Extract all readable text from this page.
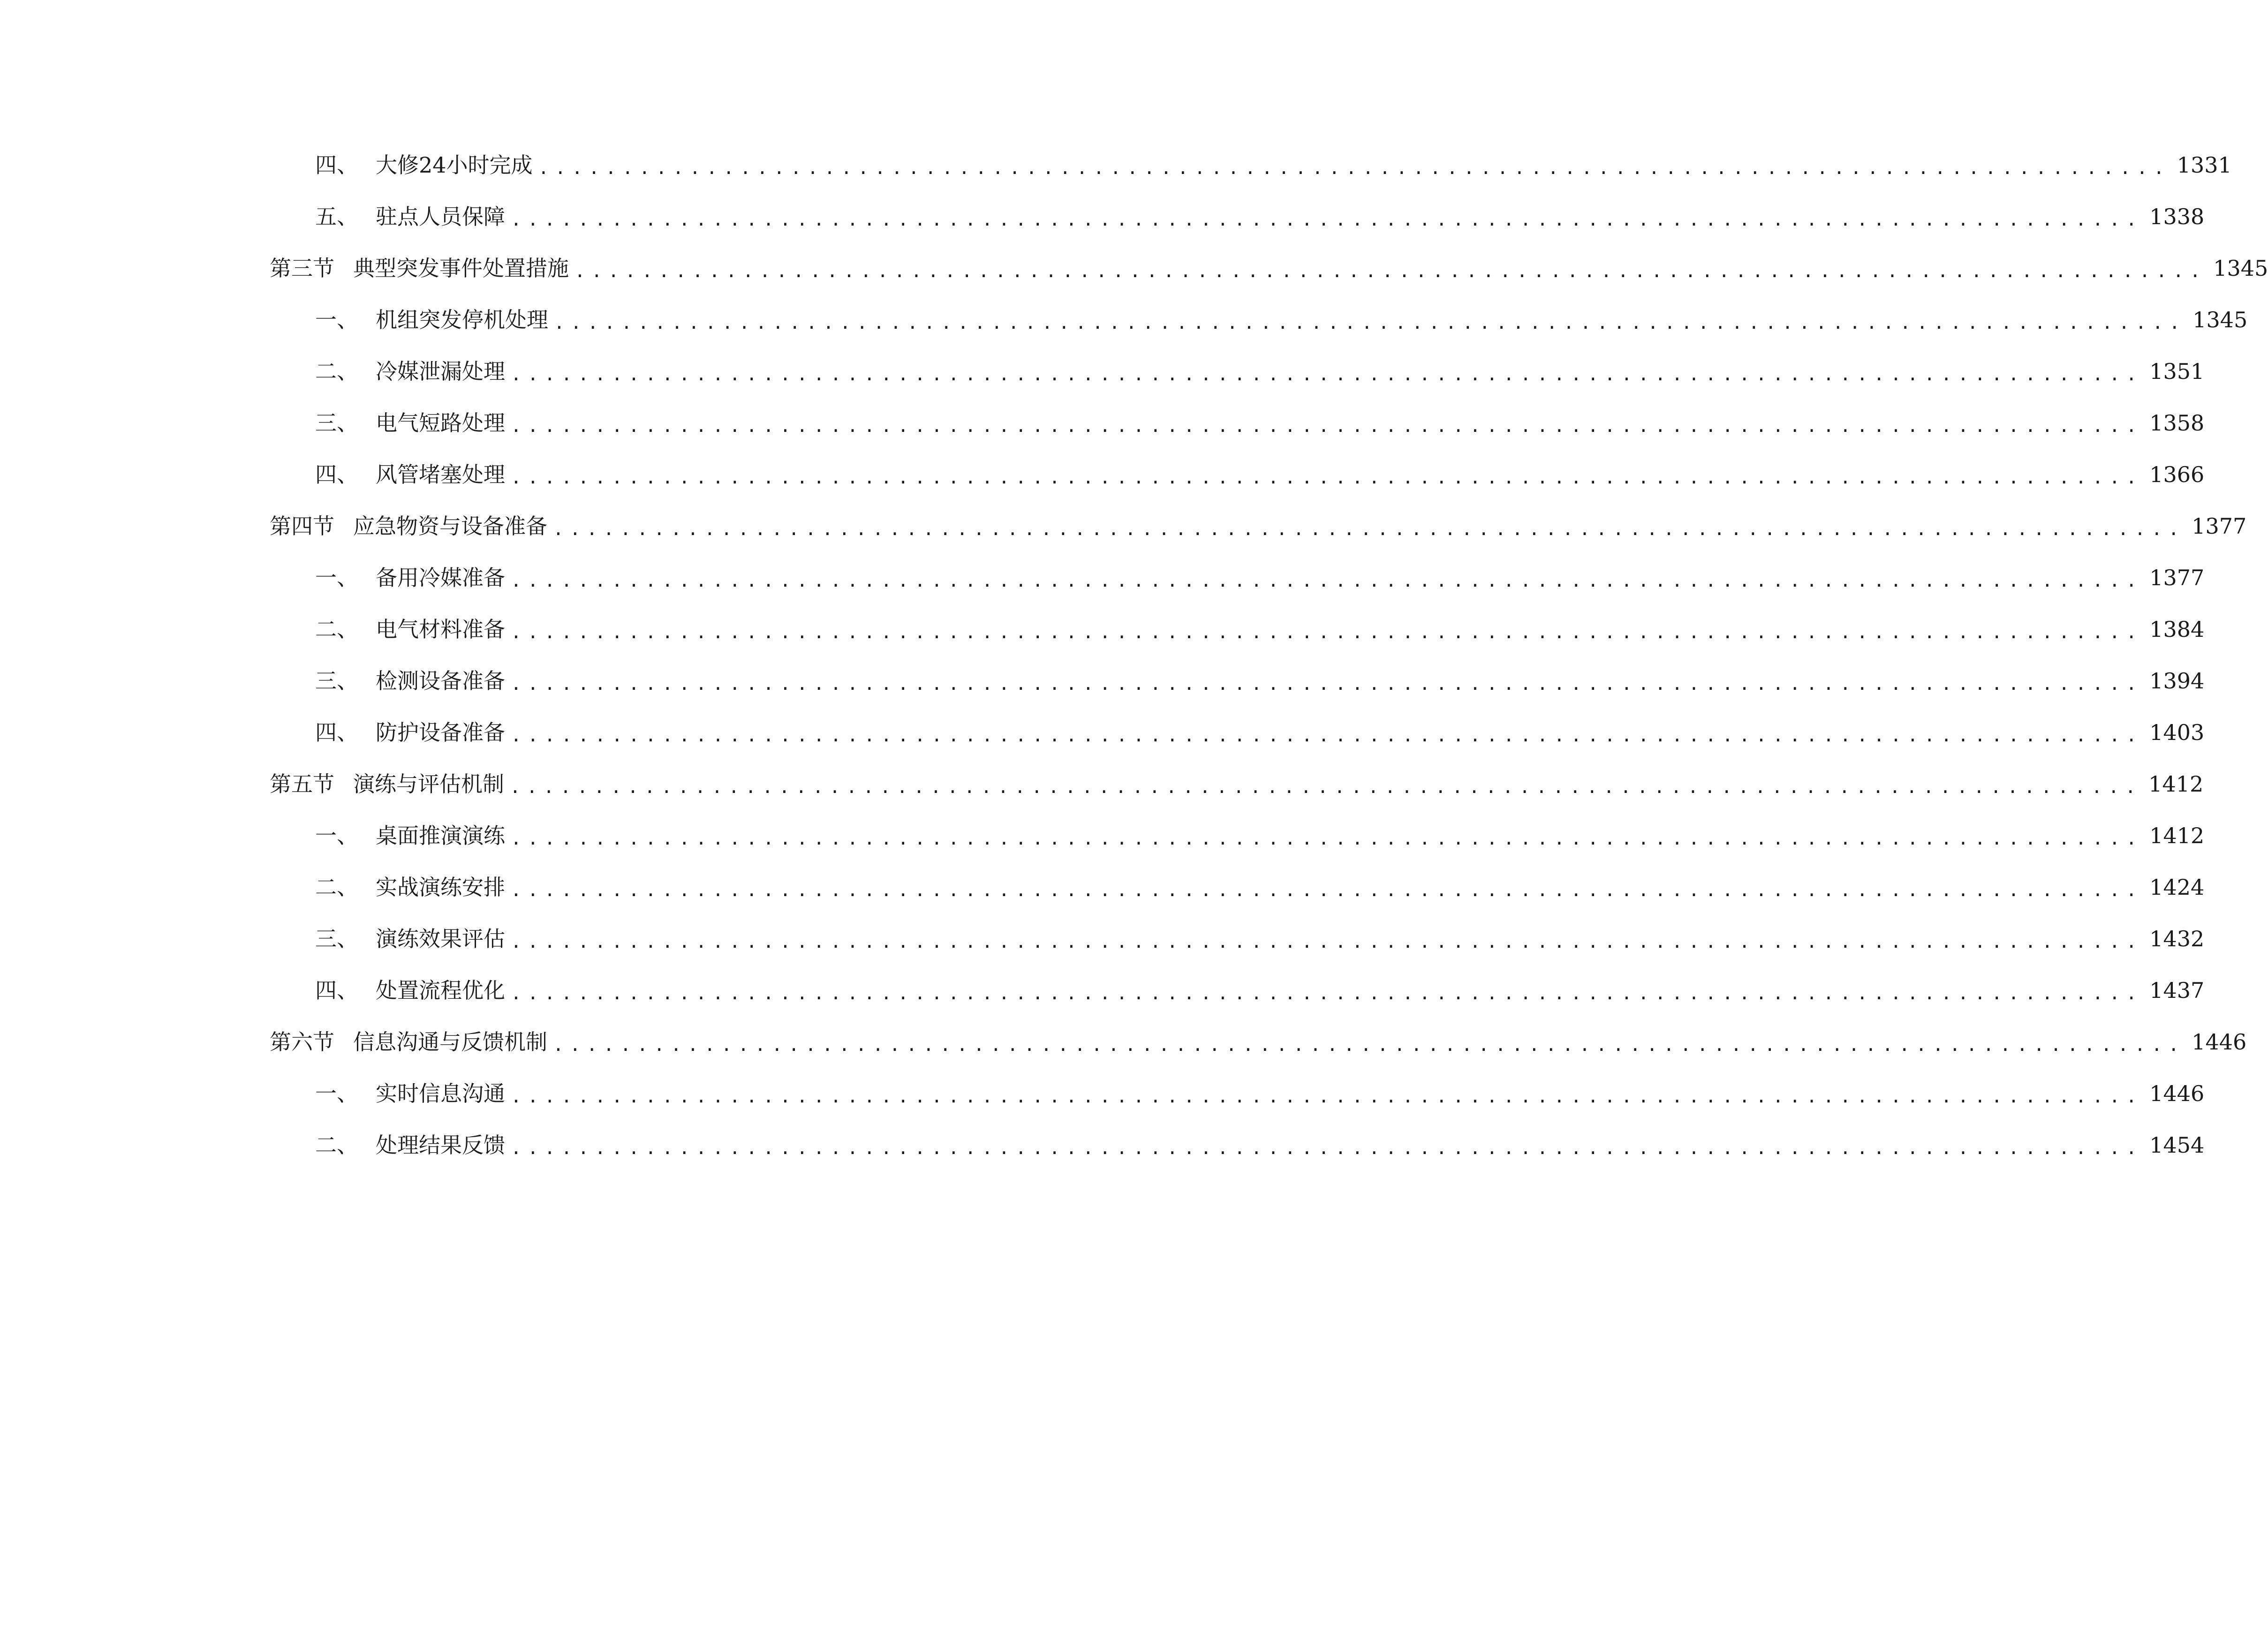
四、 大修24小时完成 ................................................................................................. 1331
五、 驻点人员保障 ................................................................................................. 1338
第三节 典型突发事件处置措施 ................................................................................................. 1345
一、 机组突发停机处理 ................................................................................................. 1345
二、 冷媒泄漏处理 ................................................................................................. 1351
三、 电气短路处理 ................................................................................................. 1358
四、 风管堵塞处理 ................................................................................................. 1366
第四节 应急物资与设备准备 ................................................................................................. 1377
一、 备用冷媒准备 ................................................................................................. 1377
二、 电气材料准备 ................................................................................................. 1384
三、 检测设备准备 ................................................................................................. 1394
四、 防护设备准备 ................................................................................................. 1403
第五节 演练与评估机制 ................................................................................................. 1412
一、 桌面推演演练 ................................................................................................. 1412
二、 实战演练安排 ................................................................................................. 1424
三、 演练效果评估 ................................................................................................. 1432
四、 处置流程优化 ................................................................................................. 1437
第六节 信息沟通与反馈机制 ................................................................................................. 1446
一、 实时信息沟通 ................................................................................................. 1446
二、 处理结果反馈 ................................................................................................. 1454
